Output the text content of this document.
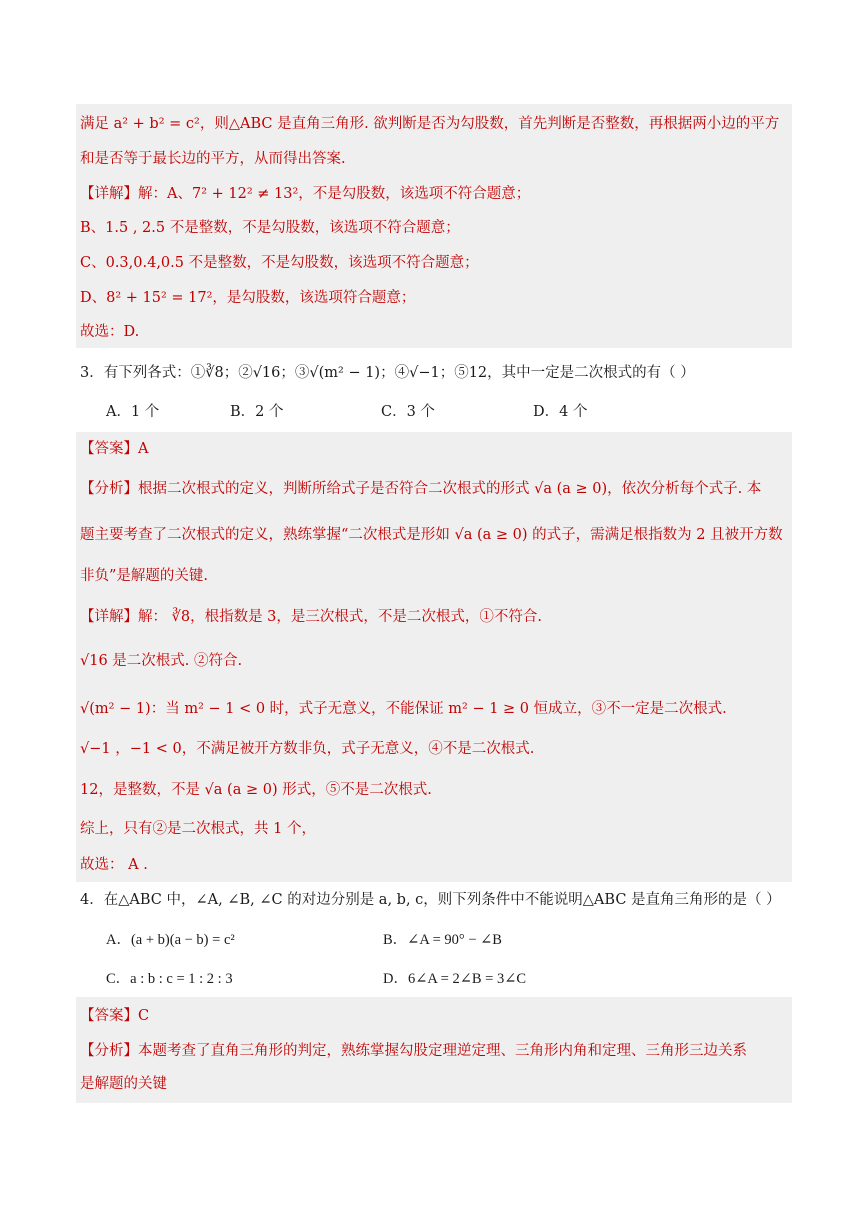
满足 a² + b² = c²，则△ABC 是直角三角形. 欲判断是否为勾股数，首先判断是否整数，再根据两小边的平方
和是否等于最长边的平方，从而得出答案.
【详解】解：A、7² + 12² ≠ 13²，不是勾股数，该选项不符合题意；
B、1.5 , 2.5 不是整数，不是勾股数，该选项不符合题意；
C、0.3,0.4,0.5 不是整数，不是勾股数，该选项不符合题意；
D、8² + 15² = 17²，是勾股数，该选项符合题意；
故选：D.
3．有下列各式：①∛8；②√16；③√(m² − 1)；④√−1；⑤12，其中一定是二次根式的有（ ）
A．1 个	B．2 个	C．3 个	D．4 个
【答案】A
【分析】根据二次根式的定义，判断所给式子是否符合二次根式的形式 √a (a ≥ 0)，依次分析每个式子. 本
题主要考查了二次根式的定义，熟练掌握“二次根式是形如 √a (a ≥ 0) 的式子，需满足根指数为 2 且被开方数
非负”是解题的关键.
【详解】解： ∛8，根指数是 3，是三次根式，不是二次根式，①不符合.
√16 是二次根式. ②符合.
√(m² − 1)：当 m² − 1 < 0 时，式子无意义，不能保证 m² − 1 ≥ 0 恒成立，③不一定是二次根式.
√−1 ，−1 < 0，不满足被开方数非负，式子无意义，④不是二次根式.
12，是整数，不是 √a (a ≥ 0) 形式，⑤不是二次根式.
综上，只有②是二次根式，共 1 个，
故选： A .
4．在△ABC 中，∠A, ∠B, ∠C 的对边分别是 a, b, c，则下列条件中不能说明△ABC 是直角三角形的是（ ）
A．(a + b)(a − b) = c²	B．∠A = 90° − ∠B
C．a : b : c = 1 : 2 : 3	D．6∠A = 2∠B = 3∠C
【答案】C
【分析】本题考查了直角三角形的判定，熟练掌握勾股定理逆定理、三角形内角和定理、三角形三边关系
是解题的关键
